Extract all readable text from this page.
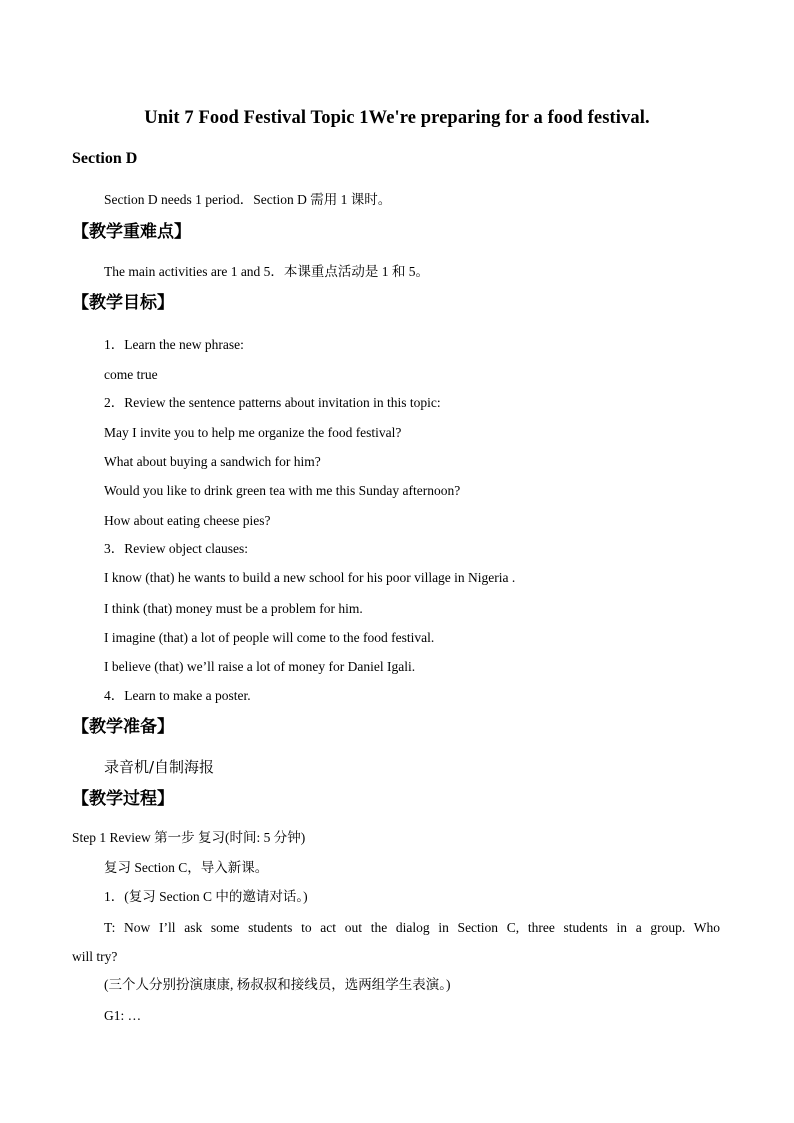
Unit 7 Food Festival Topic 1We're preparing for a food festival.
Section D
Section D needs 1 period．Section D 需用 1 课时。
【教学重难点】
The main activities are 1 and 5．本课重点活动是 1 和 5。
【教学目标】
1．Learn the new phrase:
come true
2．Review the sentence patterns about invitation in this topic:
May I invite you to help me organize the food festival?
What about buying a sandwich for him?
Would you like to drink green tea with me this Sunday afternoon?
How about eating cheese pies?
3．Review object clauses:
I know (that) he wants to build a new school for his poor village in Nigeria .
I think (that) money must be a problem for him.
I imagine (that) a lot of people will come to the food festival.
I believe (that) we’ll raise a lot of money for Daniel Igali.
4．Learn to make a poster.
【教学准备】
录音机/自制海报
【教学过程】
Step 1 Review 第一步 复习(时间: 5 分钟)
复习 Section C，导入新课。
1．(复习 Section C 中的邀请对话。)
T: Now I’ll ask some students to act out the dialog in Section C, three students in a group. Who
will try?
(三个人分别扮演康康, 杨叔叔和接线员，选两组学生表演。)
G1: …
